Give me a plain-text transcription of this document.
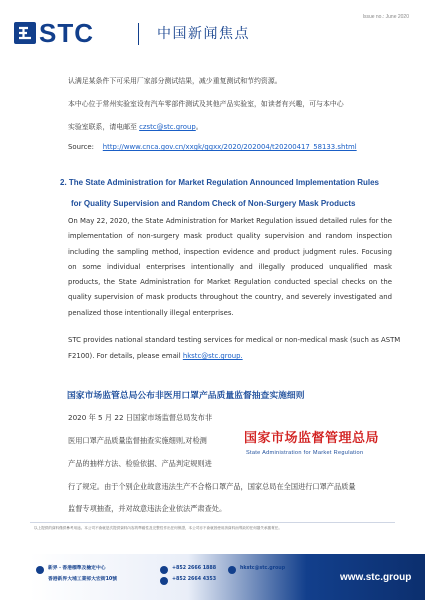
Issue no.: June 2020
STC	中国新闻焦点
认满足某条件下可采用厂家部分测试结果，减少重复测试和节约资源。
本中心位于常州实验室设有汽车零部件测试及其他产品实验室，如读者有兴趣，可与本中心
实验室联系，请电邮至 czstc@stc.group。
Source: http://www.cnca.gov.cn/xxgk/ggxx/2020/202004/t20200417_58133.shtml
2. The State Administration for Market Regulation Announced Implementation Rules
for Quality Supervision and Random Check of Non-Surgery Mask Products
On May 22, 2020, the State Administration for Market Regulation issued detailed rules for the implementation of non-surgery mask product quality supervision and random inspection including the sampling method, inspection evidence and product judgment rules. Focusing on some individual enterprises intentionally and illegally produced unqualified mask products, the State Administration for Market Regulation conducted special checks on the quality supervision of mask products throughout the country, and severely investigated and penalized those intentionally illegal enterprises.
STC provides national standard testing services for medical or non-medical mask (such as ASTM
F2100). For details, please email hkstc@stc.group.
国家市场监管总局公布非医用口罩产品质量监督抽查实施细则
2020 年 5 月 22 日国家市场监督总局发布非
医用口罩产品质量监督抽查实施细则,对检测
产品的抽样方法、检验依据、产品判定规则进
行了规定。由于个别企业故意违法生产不合格口罩产品，国家总局在全国进行口罩产品质量
监督专项抽查，并对故意违法企业依法严肃查处。
国家市场监督管理总局
State Administration for Market Regulation
以上提供的資料僅供參考用途。本公司不會就是次提供資料內容的準確性及完整性作出任何保證，本公司亦不會就因使用該資料而導致的任何損失承擔責任。
新界・香港標準及檢定中心
香港新界大埔工業邨大宏街10號
+852 2666 1888
+852 2664 4353
hkstc@stc.group
www.stc.group
